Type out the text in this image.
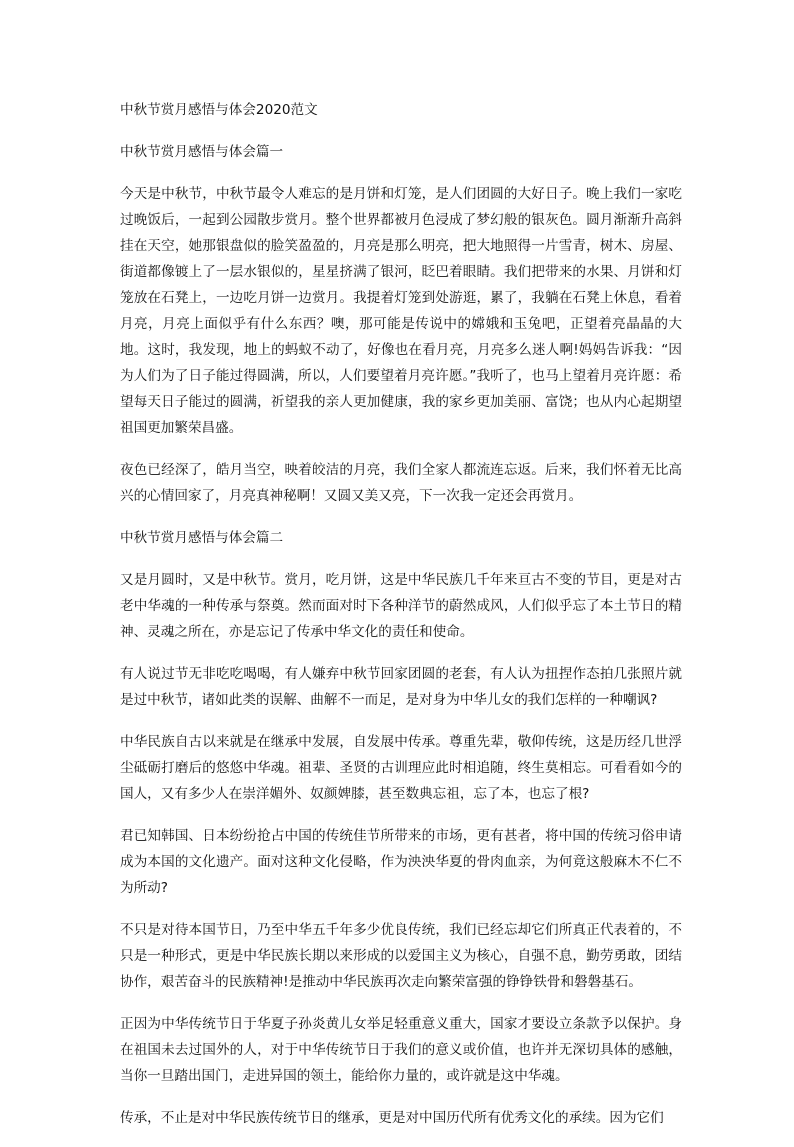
中秋节赏月感悟与体会2020范文
中秋节赏月感悟与体会篇一

今天是中秋节，中秋节最令人难忘的是月饼和灯笼，是人们团圆的大好日子。晚上我们一家吃过晚饭后，一起到公园散步赏月。整个世界都被月色浸成了梦幻般的银灰色。圆月渐渐升高斜挂在天空，她那银盘似的脸笑盈盈的，月亮是那么明亮，把大地照得一片雪青，树木、房屋、街道都像镀上了一层水银似的，星星挤满了银河，眨巴着眼睛。我们把带来的水果、月饼和灯笼放在石凳上，一边吃月饼一边赏月。我提着灯笼到处游逛，累了，我躺在石凳上休息，看着月亮，月亮上面似乎有什么东西？噢，那可能是传说中的嫦娥和玉兔吧，正望着亮晶晶的大地。这时，我发现，地上的蚂蚁不动了，好像也在看月亮，月亮多么迷人啊!妈妈告诉我：“因为人们为了日子能过得圆满，所以，人们要望着月亮许愿。”我听了，也马上望着月亮许愿：希望每天日子能过的圆满，祈望我的亲人更加健康，我的家乡更加美丽、富饶；也从内心起期望祖国更加繁荣昌盛。

夜色已经深了，皓月当空，映着皎洁的月亮，我们全家人都流连忘返。后来，我们怀着无比高兴的心情回家了，月亮真神秘啊！又圆又美又亮，下一次我一定还会再赏月。

中秋节赏月感悟与体会篇二

又是月圆时，又是中秋节。赏月，吃月饼，这是中华民族几千年来亘古不变的节目，更是对古老中华魂的一种传承与祭奠。然而面对时下各种洋节的蔚然成风，人们似乎忘了本土节日的精神、灵魂之所在，亦是忘记了传承中华文化的责任和使命。

有人说过节无非吃吃喝喝，有人嫌弃中秋节回家团圆的老套，有人认为扭捏作态拍几张照片就是过中秋节，诸如此类的误解、曲解不一而足，是对身为中华儿女的我们怎样的一种嘲讽?

中华民族自古以来就是在继承中发展，自发展中传承。尊重先辈，敬仰传统，这是历经几世浮尘砥砺打磨后的悠悠中华魂。祖辈、圣贤的古训理应此时相追随，终生莫相忘。可看看如今的国人，又有多少人在崇洋媚外、奴颜婢膝，甚至数典忘祖，忘了本，也忘了根?

君已知韩国、日本纷纷抢占中国的传统佳节所带来的市场，更有甚者，将中国的传统习俗申请成为本国的文化遗产。面对这种文化侵略，作为泱泱华夏的骨肉血亲，为何竟这般麻木不仁不为所动?

不只是对待本国节日，乃至中华五千年多少优良传统，我们已经忘却它们所真正代表着的，不只是一种形式，更是中华民族长期以来形成的以爱国主义为核心，自强不息，勤劳勇敢，团结协作，艰苦奋斗的民族精神!是推动中华民族再次走向繁荣富强的铮铮铁骨和磐磐基石。

正因为中华传统节日于华夏子孙炎黄儿女举足轻重意义重大，国家才要设立条款予以保护。身在祖国未去过国外的人，对于中华传统节日于我们的意义或价值，也许并无深切具体的感触，当你一旦踏出国门，走进异国的领土，能给你力量的，或许就是这中华魂。

传承，不止是对中华民族传统节日的继承，更是对中国历代所有优秀文化的承续。因为它们
